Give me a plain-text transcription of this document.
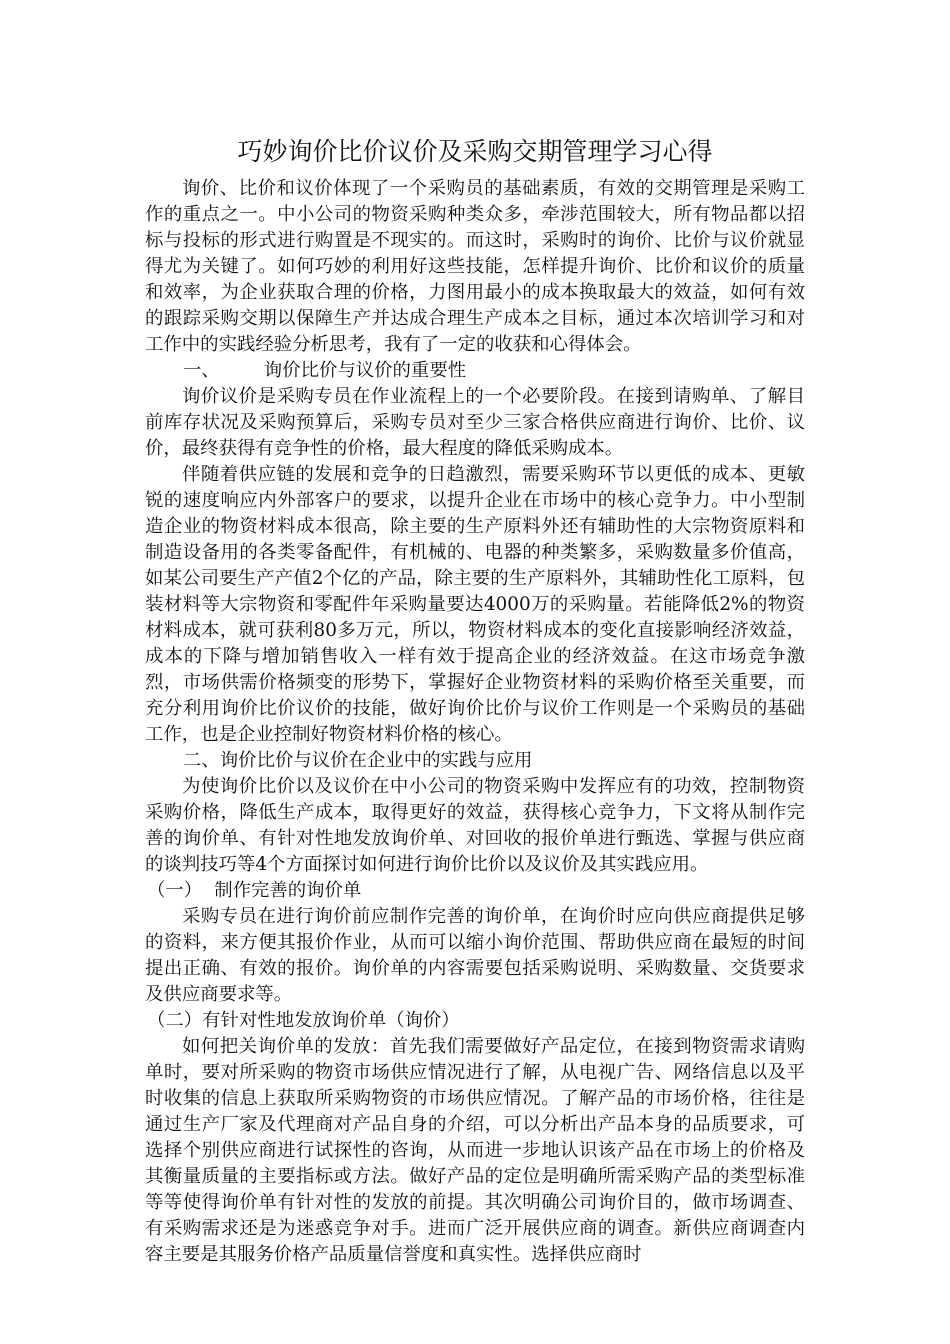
巧妙询价比价议价及采购交期管理学习心得

询价、比价和议价体现了一个采购员的基础素质，有效的交期管理是采购工作的重点之一。中小公司的物资采购种类众多，牵涉范围较大，所有物品都以招标与投标的形式进行购置是不现实的。而这时，采购时的询价、比价与议价就显得尤为关键了。如何巧妙的利用好这些技能，怎样提升询价、比价和议价的质量和效率，为企业获取合理的价格，力图用最小的成本换取最大的效益，如何有效的跟踪采购交期以保障生产并达成合理生产成本之目标，通过本次培训学习和对工作中的实践经验分析思考，我有了一定的收获和心得体会。

一、 询价比价与议价的重要性

询价议价是采购专员在作业流程上的一个必要阶段。在接到请购单、了解目前库存状况及采购预算后，采购专员对至少三家合格供应商进行询价、比价、议价，最终获得有竞争性的价格，最大程度的降低采购成本。

伴随着供应链的发展和竞争的日趋激烈，需要采购环节以更低的成本、更敏锐的速度响应内外部客户的要求，以提升企业在市场中的核心竞争力。中小型制造企业的物资材料成本很高，除主要的生产原料外还有辅助性的大宗物资原料和制造设备用的各类零备配件，有机械的、电器的种类繁多，采购数量多价值高，如某公司要生产产值2个亿的产品，除主要的生产原料外，其辅助性化工原料，包装材料等大宗物资和零配件年采购量要达4000万的采购量。若能降低2%的物资材料成本，就可获利80多万元，所以，物资材料成本的变化直接影响经济效益，成本的下降与增加销售收入一样有效于提高企业的经济效益。在这市场竞争激烈，市场供需价格频变的形势下，掌握好企业物资材料的采购价格至关重要，而充分利用询价比价议价的技能，做好询价比价与议价工作则是一个采购员的基础工作，也是企业控制好物资材料价格的核心。

二、询价比价与议价在企业中的实践与应用

为使询价比价以及议价在中小公司的物资采购中发挥应有的功效，控制物资采购价格，降低生产成本，取得更好的效益，获得核心竞争力，下文将从制作完善的询价单、有针对性地发放询价单、对回收的报价单进行甄选、掌握与供应商的谈判技巧等4个方面探讨如何进行询价比价以及议价及其实践应用。

（一） 制作完善的询价单

采购专员在进行询价前应制作完善的询价单，在询价时应向供应商提供足够的资料，来方便其报价作业，从而可以缩小询价范围、帮助供应商在最短的时间提出正确、有效的报价。询价单的内容需要包括采购说明、采购数量、交货要求及供应商要求等。

（二）有针对性地发放询价单（询价）

如何把关询价单的发放：首先我们需要做好产品定位，在接到物资需求请购单时，要对所采购的物资市场供应情况进行了解，从电视广告、网络信息以及平时收集的信息上获取所采购物资的市场供应情况。了解产品的市场价格，往往是通过生产厂家及代理商对产品自身的介绍，可以分析出产品本身的品质要求，可选择个别供应商进行试探性的咨询，从而进一步地认识该产品在市场上的价格及其衡量质量的主要指标或方法。做好产品的定位是明确所需采购产品的类型标准等等使得询价单有针对性的发放的前提。其次明确公司询价目的，做市场调查、有采购需求还是为迷惑竞争对手。进而广泛开展供应商的调查。新供应商调查内容主要是其服务价格产品质量信誉度和真实性。选择供应商时
